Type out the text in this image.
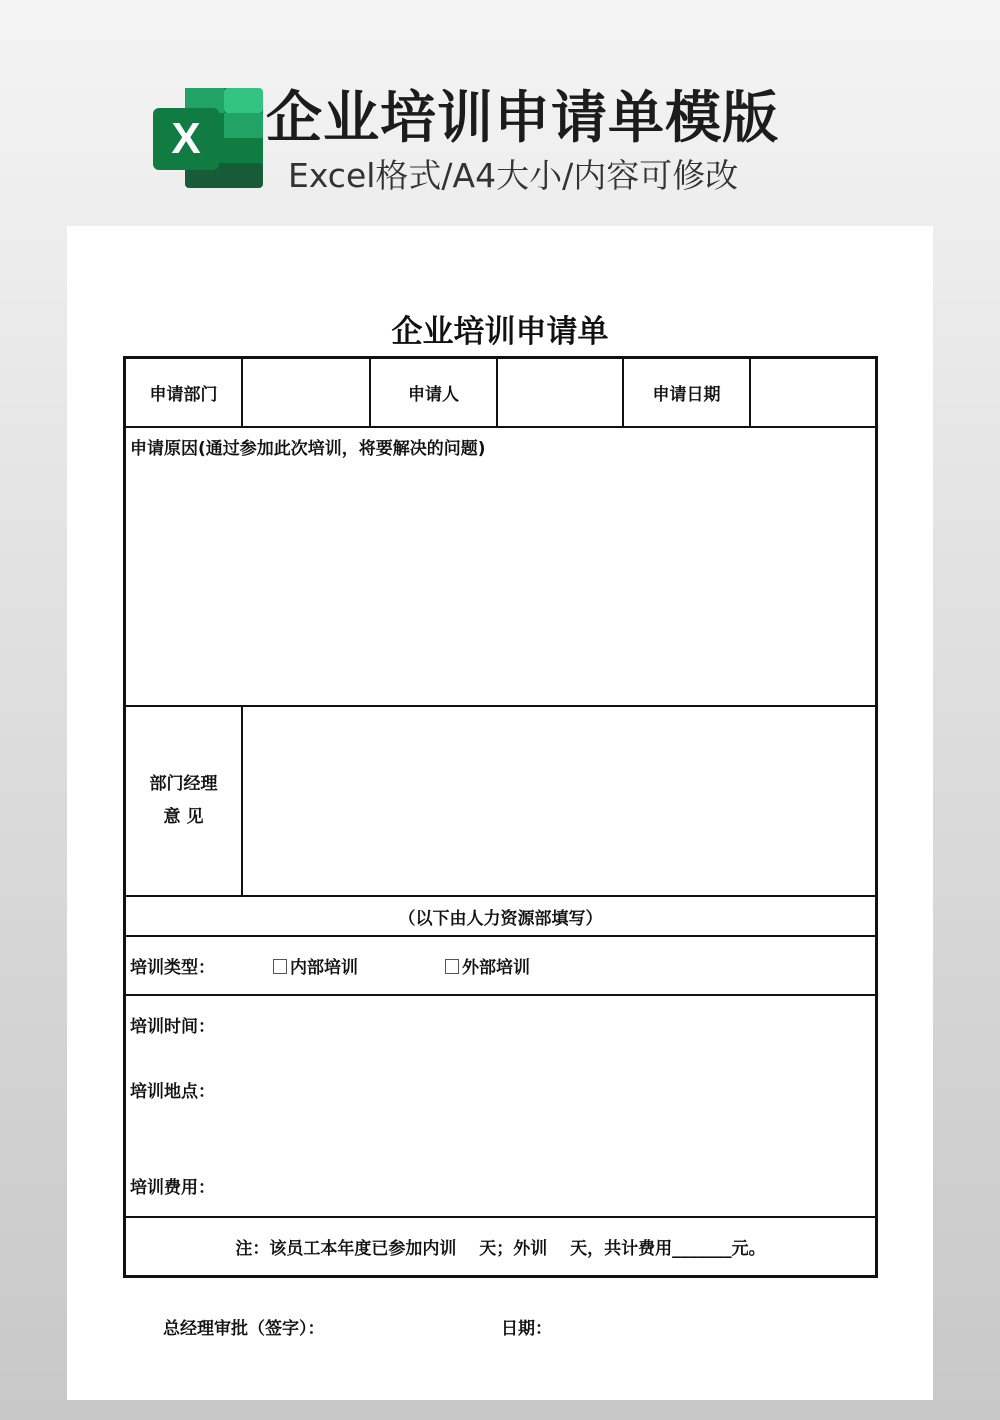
X 企业培训申请单模版
Excel格式/A4大小/内容可修改
企业培训申请单
申请部门	申请人	申请日期
申请原因(通过参加此次培训，将要解决的问题)
部门经理
意 见
（以下由人力资源部填写）
培训类型：	内部培训	外部培训
培训时间：
培训地点：
培训费用：
注：该员工本年度已参加内训　 天；外训　 天，共计费用_______元。
总经理审批（签字）：	日期：
